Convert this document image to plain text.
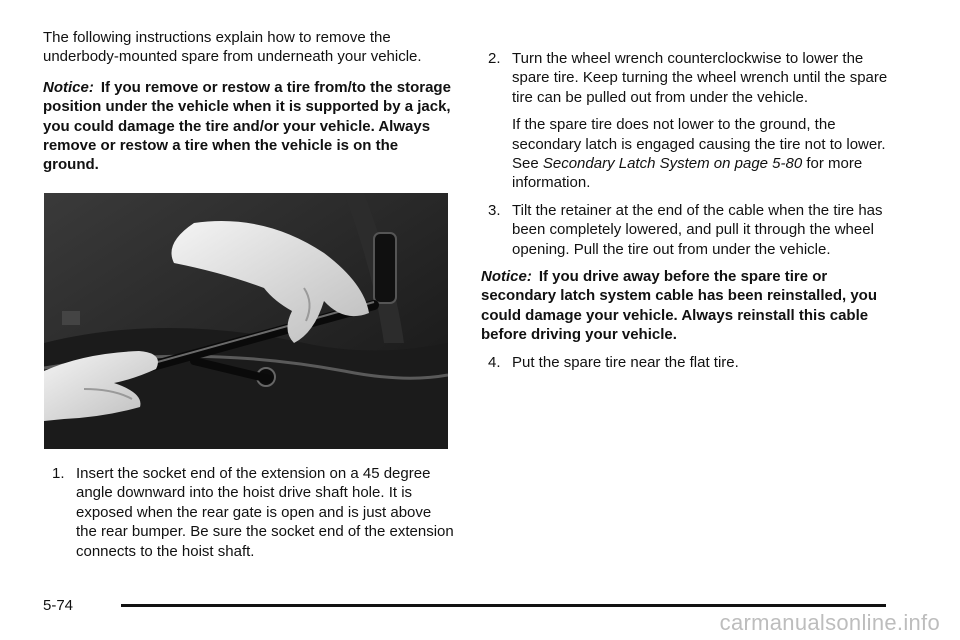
The following instructions explain how to remove the underbody-mounted spare from underneath your vehicle.

Notice: If you remove or restow a tire from/to the storage position under the vehicle when it is supported by a jack, you could damage the tire and/or your vehicle. Always remove or restow a tire when the vehicle is on the ground.

1. Insert the socket end of the extension on a 45 degree angle downward into the hoist drive shaft hole. It is exposed when the rear gate is open and is just above the rear bumper. Be sure the socket end of the extension connects to the hoist shaft.
2. Turn the wheel wrench counterclockwise to lower the spare tire. Keep turning the wheel wrench until the spare tire can be pulled out from under the vehicle.

If the spare tire does not lower to the ground, the secondary latch is engaged causing the tire not to lower. See Secondary Latch System on page 5-80 for more information.

3. Tilt the retainer at the end of the cable when the tire has been completely lowered, and pull it through the wheel opening. Pull the tire out from under the vehicle.

Notice: If you drive away before the spare tire or secondary latch system cable has been reinstalled, you could damage your vehicle. Always reinstall this cable before driving your vehicle.

4. Put the spare tire near the flat tire.
5-74
carmanualsonline.info
